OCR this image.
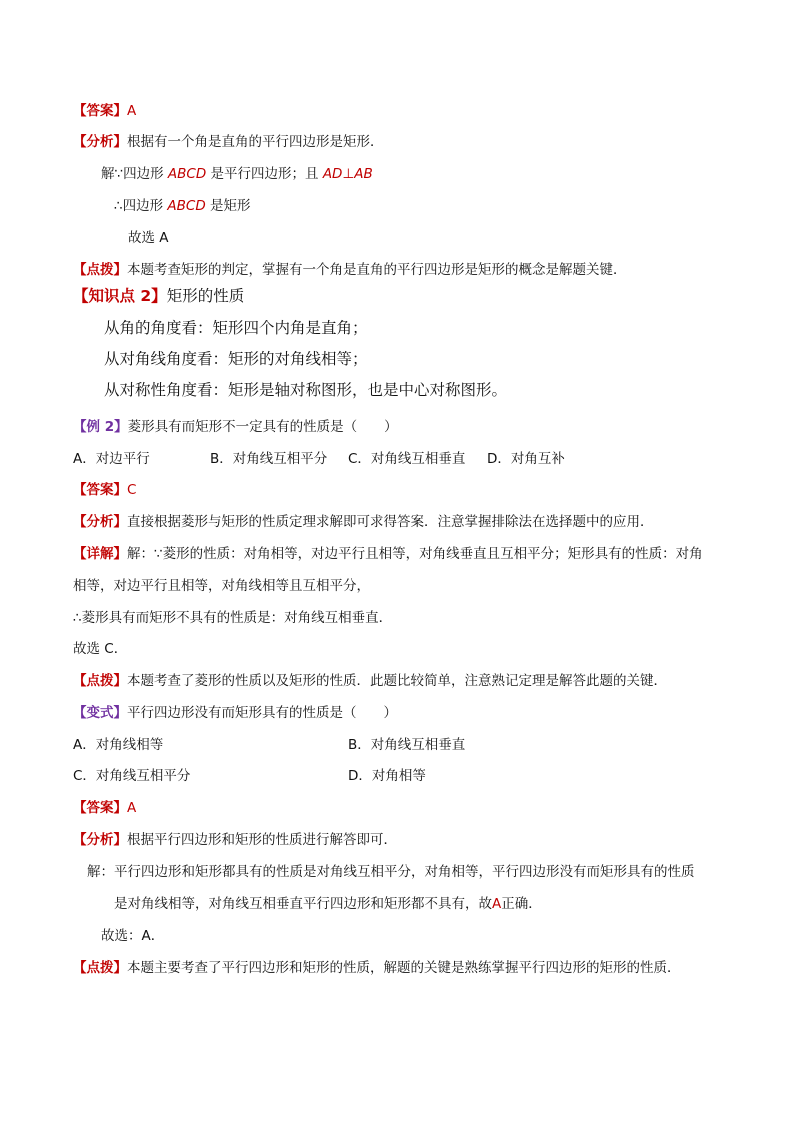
【答案】A
【分析】根据有一个角是直角的平行四边形是矩形．
解∵四边形 ABCD 是平行四边形；且 AD⊥AB
∴四边形 ABCD 是矩形
故选 A
【点拨】本题考查矩形的判定，掌握有一个角是直角的平行四边形是矩形的概念是解题关键．
【知识点 2】矩形的性质
从角的角度看：矩形四个内角是直角；
从对角线角度看：矩形的对角线相等；
从对称性角度看：矩形是轴对称图形，也是中心对称图形。
【例 2】菱形具有而矩形不一定具有的性质是（　　）
A．对边平行	B．对角线互相平分 C．对角线互相垂直 D．对角互补
【答案】C
【分析】直接根据菱形与矩形的性质定理求解即可求得答案．注意掌握排除法在选择题中的应用．
【详解】解：∵菱形的性质：对角相等，对边平行且相等，对角线垂直且互相平分；矩形具有的性质：对角
相等，对边平行且相等，对角线相等且互相平分，
∴菱形具有而矩形不具有的性质是：对角线互相垂直．
故选 C．
【点拨】本题考查了菱形的性质以及矩形的性质．此题比较简单，注意熟记定理是解答此题的关键．
【变式】平行四边形没有而矩形具有的性质是（　　）
A．对角线相等	B．对角线互相垂直
C．对角线互相平分	D．对角相等
【答案】A
【分析】根据平行四边形和矩形的性质进行解答即可．
解：平行四边形和矩形都具有的性质是对角线互相平分，对角相等，平行四边形没有而矩形具有的性质
是对角线相等，对角线互相垂直平行四边形和矩形都不具有，故A正确．
故选：A．
【点拨】本题主要考查了平行四边形和矩形的性质，解题的关键是熟练掌握平行四边形的矩形的性质．
